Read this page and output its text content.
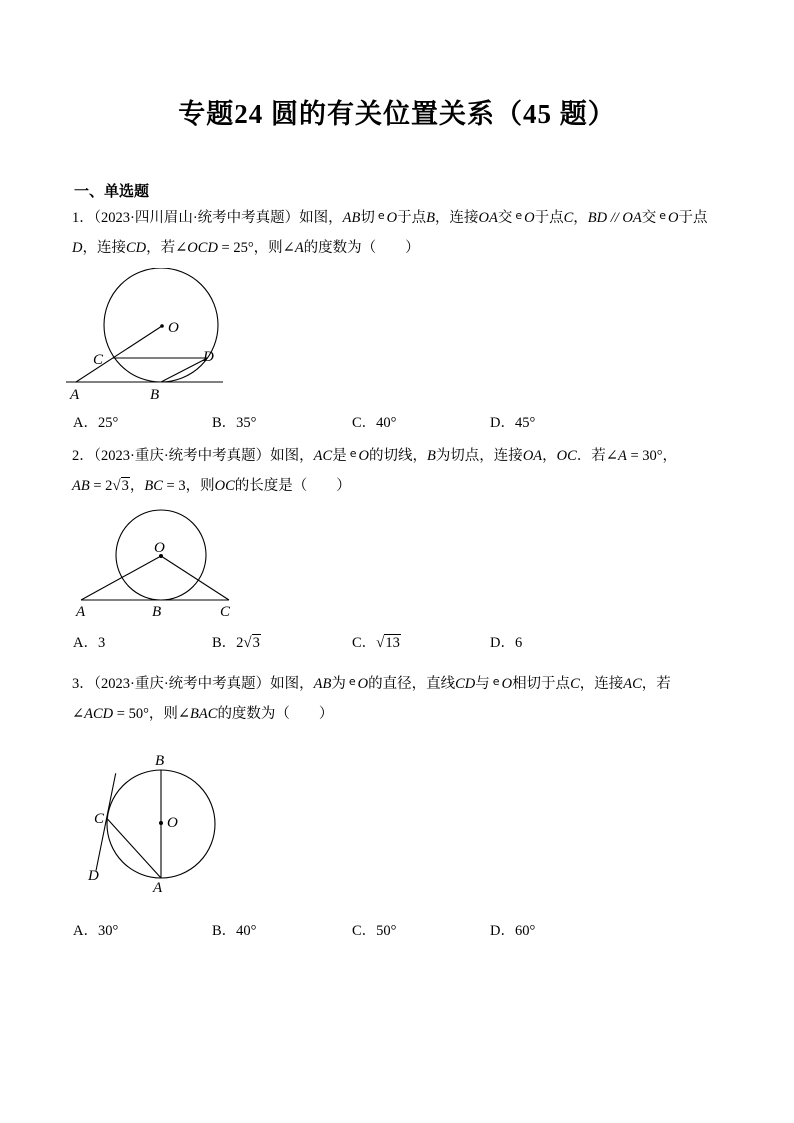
专题24 圆的有关位置关系（45 题）
一、单选题
1．（2023·四川眉山·统考中考真题）如图，AB切 $^e$ O于点B，连接OA交 $^e$ O于点C，BD // OA交 $^e$ O于点
D，连接CD，若∠OCD = 25°，则∠A的度数为（　　）
O
C	D
A	B
A．25°	B．35°	C．40°	D．45°
2．（2023·重庆·统考中考真题）如图，AC是 $^e$ O的切线，B为切点，连接OA，OC．若∠A = 30°，
AB = 2√3，BC = 3，则OC的长度是（　　）
O
A	B	C
A．3	B．2√3	C．√13	D．6
3．（2023·重庆·统考中考真题）如图，AB为 $^e$ O的直径，直线CD与 $^e$ O相切于点C，连接AC，若
∠ACD = 50°，则∠BAC的度数为（　　）
O
B
A
C
D
A．30°	B．40°	C．50°	D．60°
